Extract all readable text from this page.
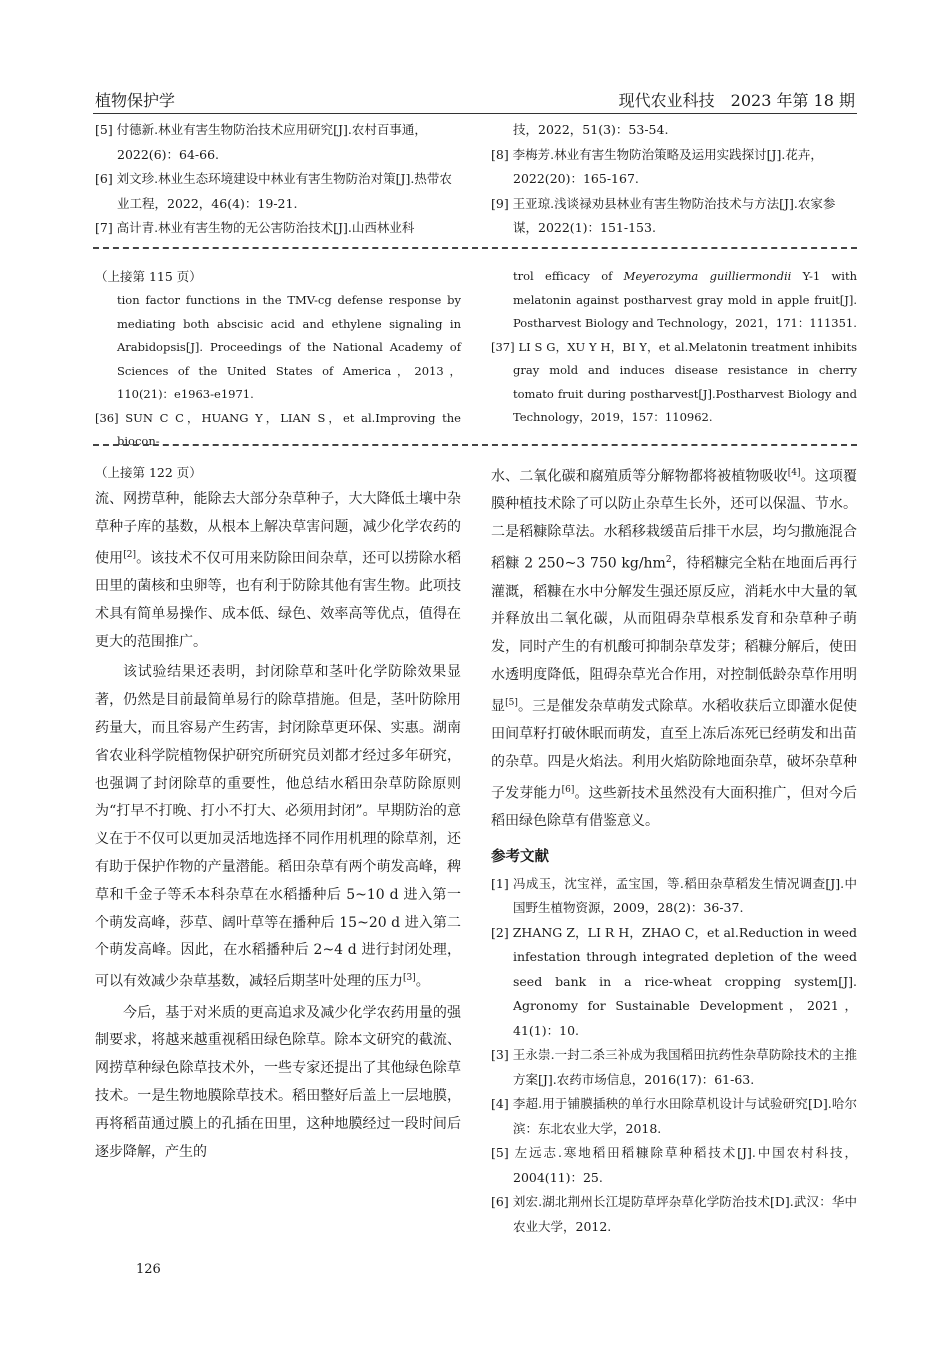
植物保护学	现代农业科技　2023 年第 18 期
[5] 付德新.林业有害生物防治技术应用研究[J].农村百事通，2022(6)：64-66.
[6] 刘文珍.林业生态环境建设中林业有害生物防治对策[J].热带农业工程，2022，46(4)：19-21.
[7] 高计青.林业有害生物的无公害防治技术[J].山西林业科
技，2022，51(3)：53-54.
[8] 李梅芳.林业有害生物防治策略及运用实践探讨[J].花卉，2022(20)：165-167.
[9] 王亚琼.浅谈禄劝县林业有害生物防治技术与方法[J].农家参谋，2022(1)：151-153.
（上接第 115 页）
tion factor functions in the TMV-cg defense response by mediating both abscisic acid and ethylene signaling in Arabidopsis[J]. Proceedings of the National Academy of Sciences of the United States of America，2013，110(21)：e1963-e1971.
[36] SUN C C，HUANG Y，LIAN S，et al.Improving the biocon-
trol efficacy of Meyerozyma guilliermondii Y-1 with melatonin against postharvest gray mold in apple fruit[J]. Postharvest Biology and Technology，2021，171：111351.
[37] LI S G，XU Y H，BI Y，et al.Melatonin treatment inhibits gray mold and induces disease resistance in cherry tomato fruit during postharvest[J].Postharvest Biology and Technology，2019，157：110962.
（上接第 122 页）

流、网捞草种，能除去大部分杂草种子，大大降低土壤中杂草种子库的基数，从根本上解决草害问题，减少化学农药的使用[2]。该技术不仅可用来防除田间杂草，还可以捞除水稻田里的菌核和虫卵等，也有利于防除其他有害生物。此项技术具有简单易操作、成本低、绿色、效率高等优点，值得在更大的范围推广。

该试验结果还表明，封闭除草和茎叶化学防除效果显著，仍然是目前最简单易行的除草措施。但是，茎叶防除用药量大，而且容易产生药害，封闭除草更环保、实惠。湖南省农业科学院植物保护研究所研究员刘都才经过多年研究，也强调了封闭除草的重要性，他总结水稻田杂草防除原则为“打早不打晚、打小不打大、必须用封闭”。早期防治的意义在于不仅可以更加灵活地选择不同作用机理的除草剂，还有助于保护作物的产量潜能。稻田杂草有两个萌发高峰，稗草和千金子等禾本科杂草在水稻播种后 5~10 d 进入第一个萌发高峰，莎草、阔叶草等在播种后 15~20 d 进入第二个萌发高峰。因此，在水稻播种后 2~4 d 进行封闭处理，可以有效减少杂草基数，减轻后期茎叶处理的压力[3]。

今后，基于对米质的更高追求及减少化学农药用量的强制要求，将越来越重视稻田绿色除草。除本文研究的截流、网捞草种绿色除草技术外，一些专家还提出了其他绿色除草技术。一是生物地膜除草技术。稻田整好后盖上一层地膜，再将稻苗通过膜上的孔插在田里，这种地膜经过一段时间后逐步降解，产生的

水、二氧化碳和腐殖质等分解物都将被植物吸收[4]。这项覆膜种植技术除了可以防止杂草生长外，还可以保温、节水。二是稻糠除草法。水稻移栽缓苗后排干水层，均匀撒施混合稻糠 2 250~3 750 $kg/hm^2$，待稻糠完全粘在地面后再行灌溉，稻糠在水中分解发生强还原反应，消耗水中大量的氧并释放出二氧化碳，从而阻碍杂草根系发育和杂草种子萌发，同时产生的有机酸可抑制杂草发芽；稻糠分解后，使田水透明度降低，阻碍杂草光合作用，对控制低龄杂草作用明显[5]。三是催发杂草萌发式除草。水稻收获后立即灌水促使田间草籽打破休眠而萌发，直至上冻后冻死已经萌发和出苗的杂草。四是火焰法。利用火焰防除地面杂草，破坏杂草种子发芽能力[6]。这些新技术虽然没有大面积推广，但对今后稻田绿色除草有借鉴意义。

参考文献
[1] 冯成玉，沈宝祥，孟宝国，等.稻田杂草稻发生情况调查[J].中国野生植物资源，2009，28(2)：36-37.
[2] ZHANG Z，LI R H，ZHAO C，et al.Reduction in weed infestation through integrated depletion of the weed seed bank in a rice-wheat cropping system[J]. Agronomy for Sustainable Development，2021，41(1)：10.
[3] 王永崇.一封二杀三补成为我国稻田抗药性杂草防除技术的主推方案[J].农药市场信息，2016(17)：61-63.
[4] 李超.用于铺膜插秧的单行水田除草机设计与试验研究[D].哈尔滨：东北农业大学，2018.
[5] 左远志.寒地稻田稻糠除草种稻技术[J].中国农村科技，2004(11)：25.
[6] 刘宏.湖北荆州长江堤防草坪杂草化学防治技术[D].武汉：华中农业大学，2012.
126
